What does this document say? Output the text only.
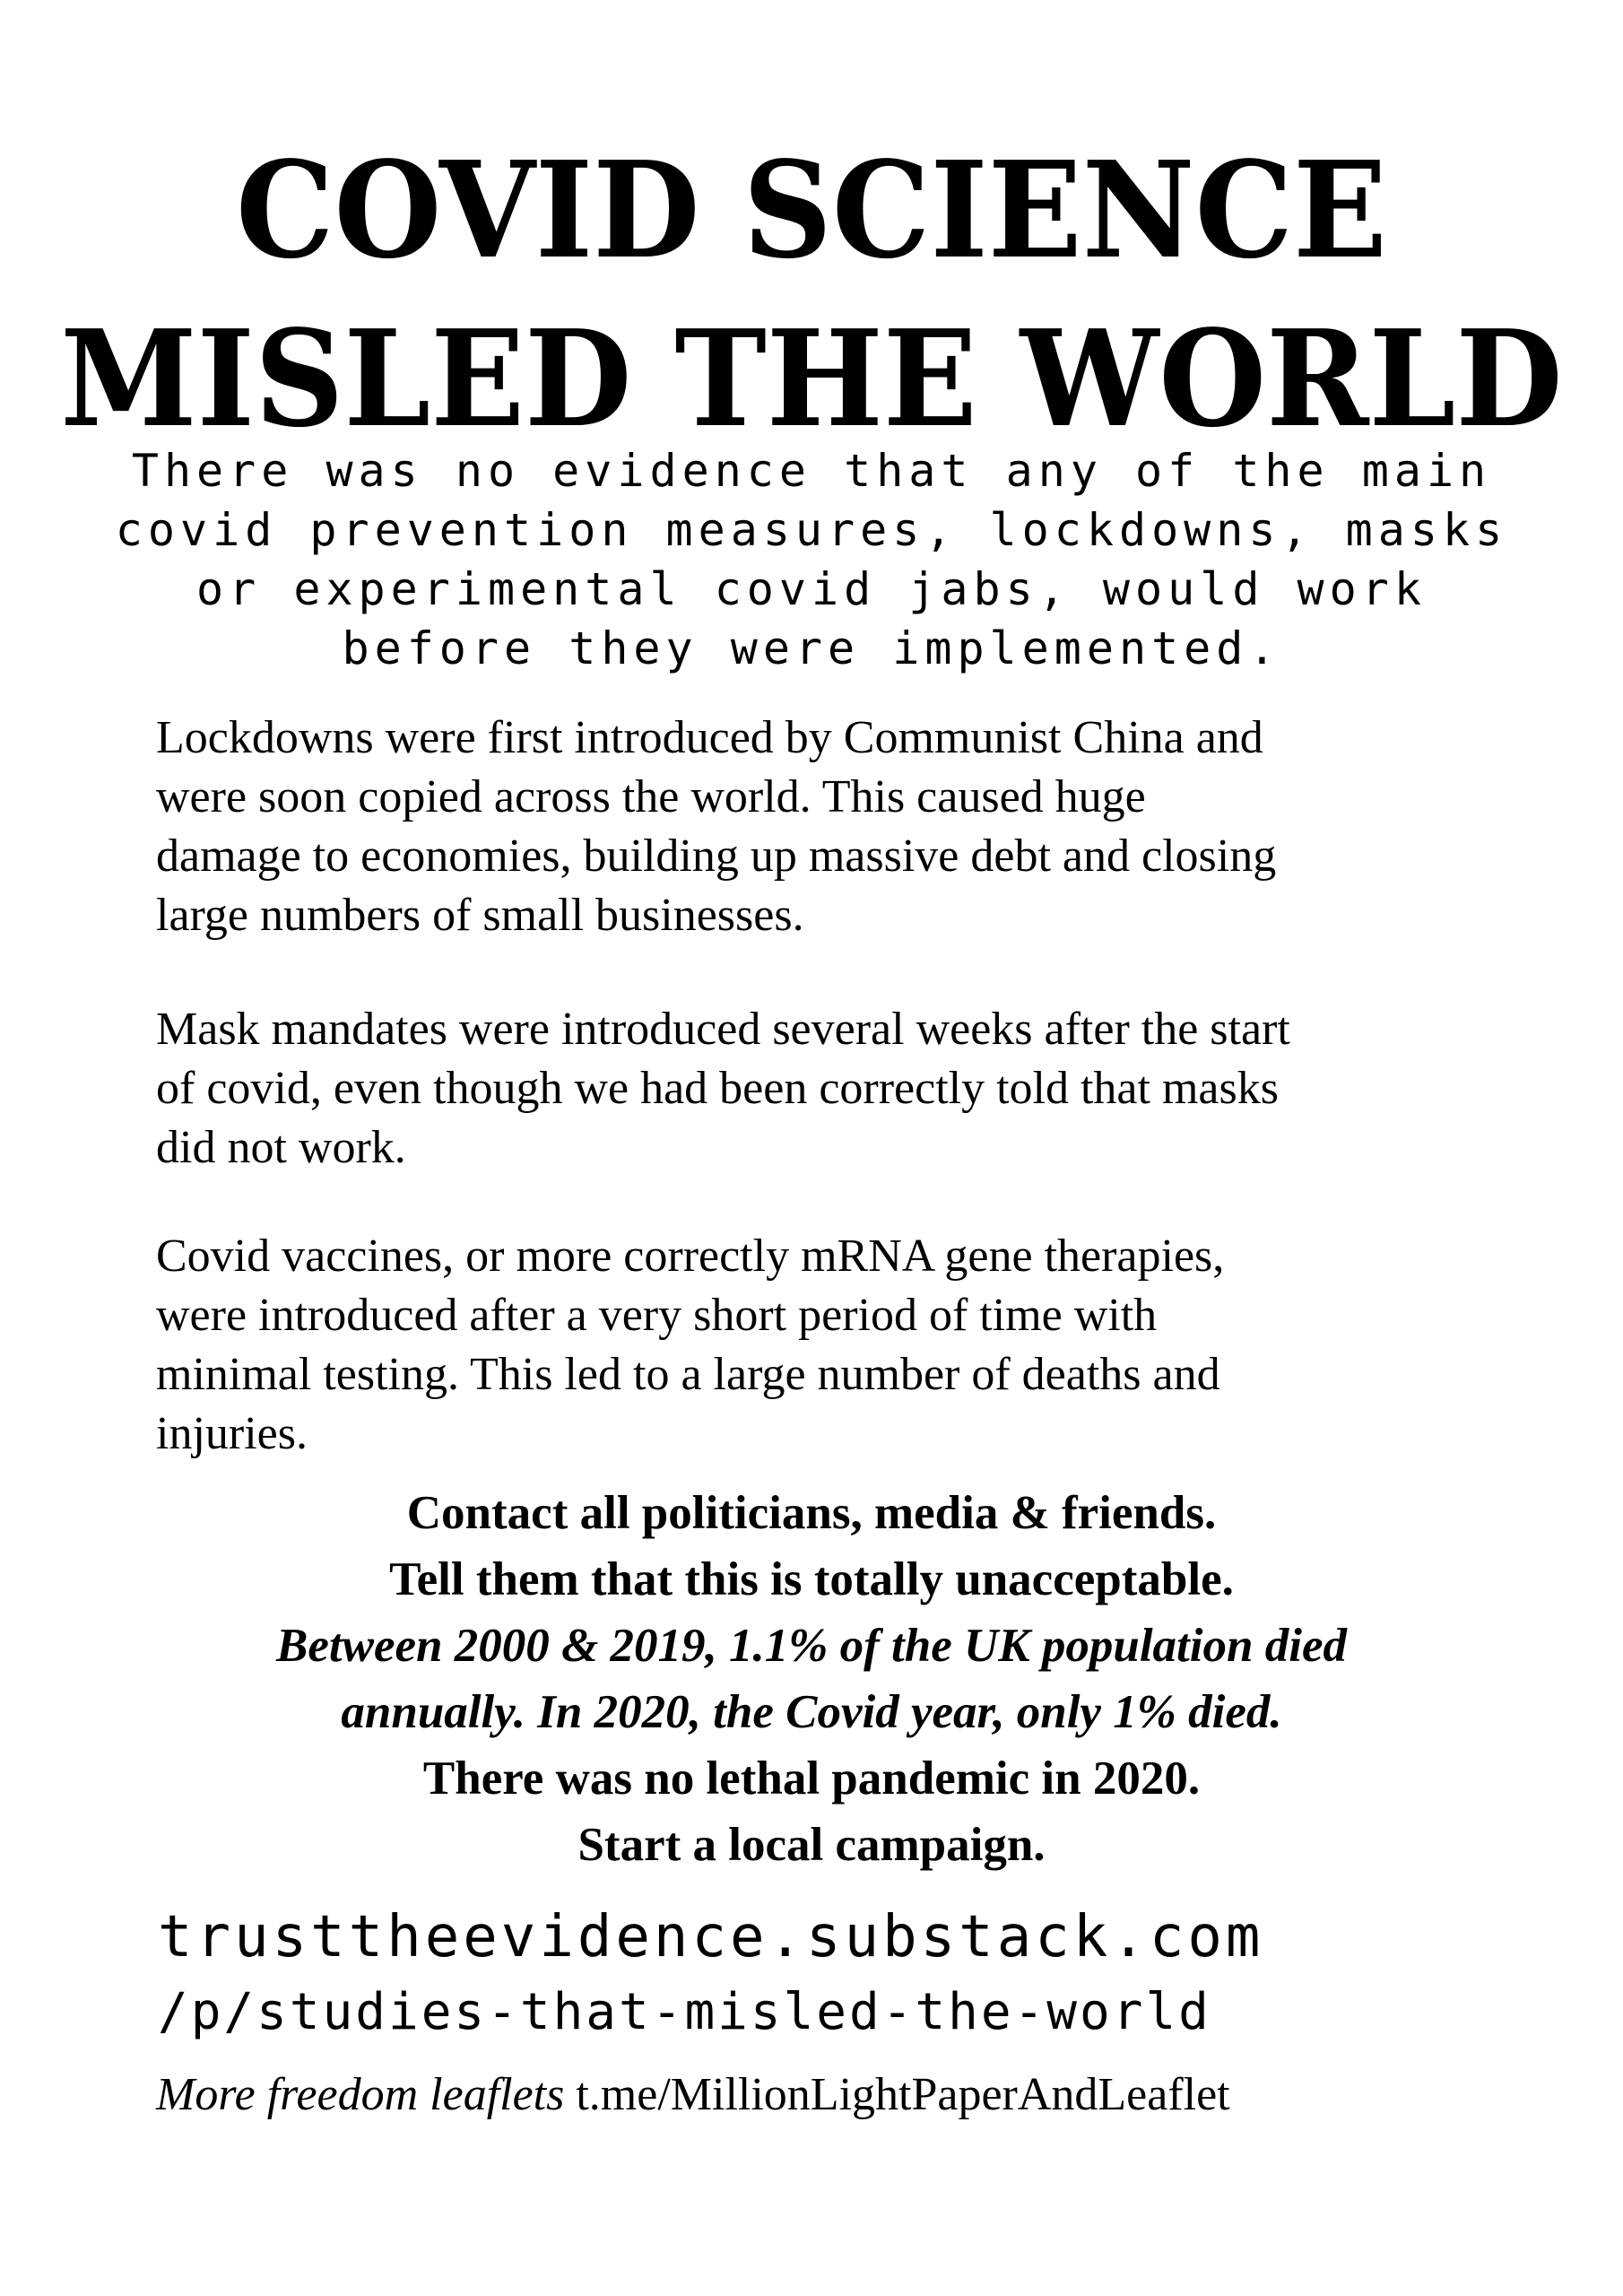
COVID SCIENCE
MISLED THE WORLD
There was no evidence that any of the main
covid prevention measures, lockdowns, masks
or experimental covid jabs, would work
before they were implemented.
Lockdowns were first introduced by Communist China and
were soon copied across the world. This caused huge
damage to economies, building up massive debt and closing
large numbers of small businesses.
Mask mandates were introduced several weeks after the start
of covid, even though we had been correctly told that masks
did not work.
Covid vaccines, or more correctly mRNA gene therapies,
were introduced after a very short period of time with
minimal testing. This led to a large number of deaths and
injuries.
Contact all politicians, media & friends.
Tell them that this is totally unacceptable.
Between 2000 & 2019, 1.1% of the UK population died
annually. In 2020, the Covid year, only 1% died.
There was no lethal pandemic in 2020.
Start a local campaign.
trusttheevidence.substack.com
/p/studies-that-misled-the-world
More freedom leaflets t.me/MillionLightPaperAndLeaflet
